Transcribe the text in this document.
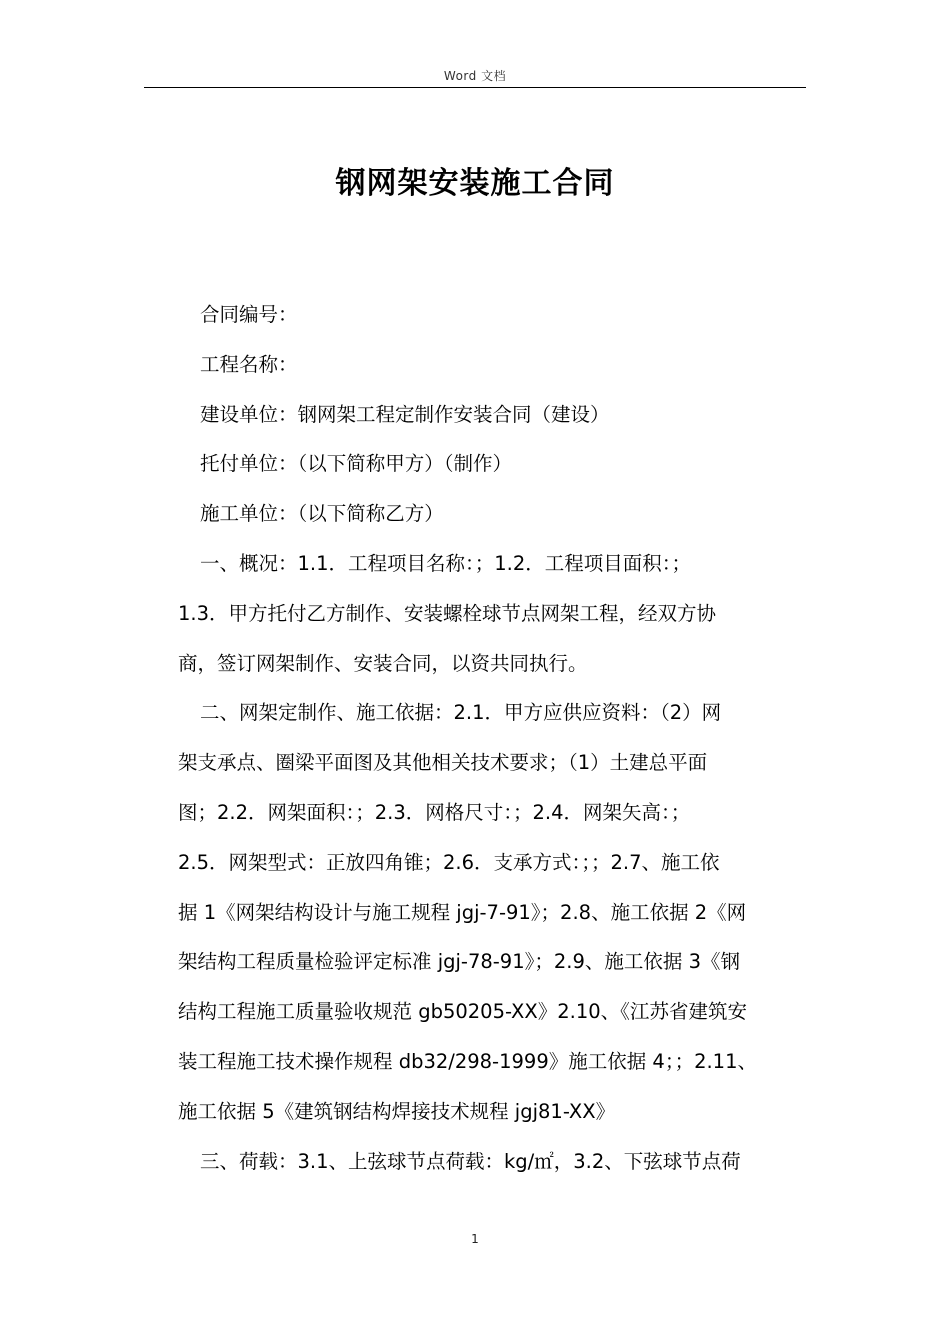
Word 文档
钢网架安装施工合同
合同编号：
工程名称：
建设单位：钢网架工程定制作安装合同（建设）
托付单位：（以下简称甲方）（制作）
施工单位：（以下简称乙方）
一、概况：1.1．工程项目名称：；1.2．工程项目面积：；
1.3．甲方托付乙方制作、安装螺栓球节点网架工程，经双方协
商，签订网架制作、安装合同，以资共同执行。
二、网架定制作、施工依据：2.1．甲方应供应资料：（2）网
架支承点、圈梁平面图及其他相关技术要求；（1）土建总平面
图；2.2．网架面积：；2.3．网格尺寸：；2.4．网架矢高：；
2.5．网架型式：正放四角锥；2.6．支承方式：；；2.7、施工依
据 1《网架结构设计与施工规程 jgj-7-91》；2.8、施工依据 2《网
架结构工程质量检验评定标准 jgj-78-91》；2.9、施工依据 3《钢
结构工程施工质量验收规范 gb50205-XX》2.10、《江苏省建筑安
装工程施工技术操作规程 db32/298-1999》施工依据 4；；2.11、
施工依据 5《建筑钢结构焊接技术规程 jgj81-XX》
三、荷载：3.1、上弦球节点荷载：kg/㎡，3.2、下弦球节点荷
1
